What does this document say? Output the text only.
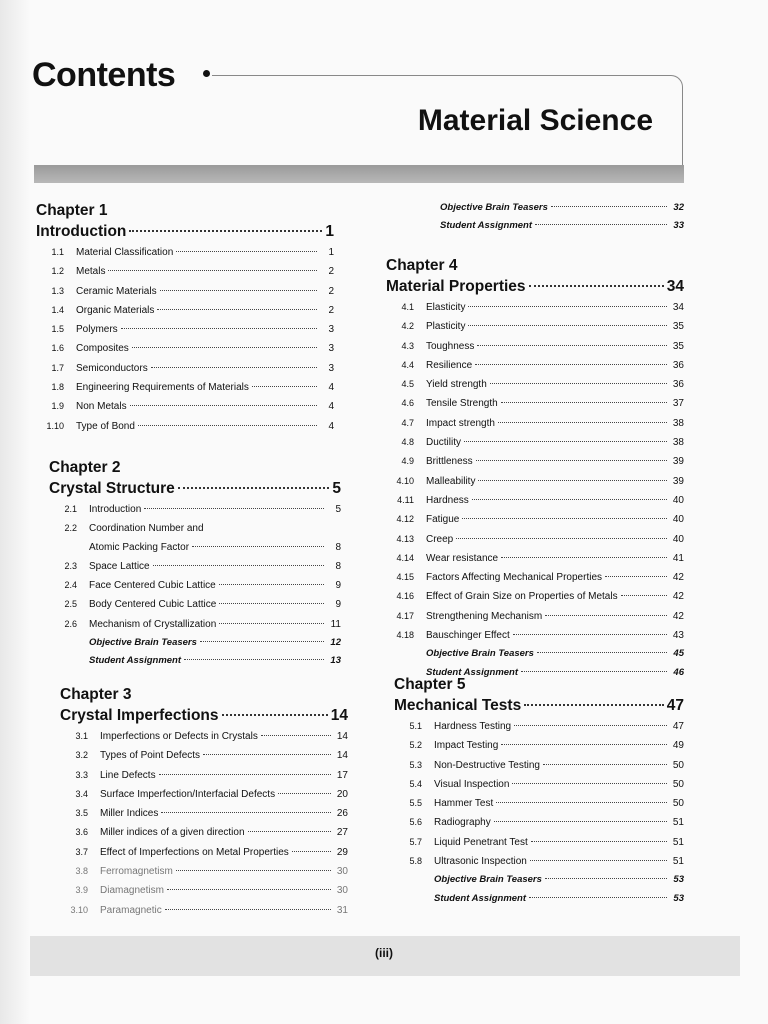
Contents
Material Science
Chapter 1
Introduction	1
1.1	Material Classification	1
1.2	Metals	2
1.3	Ceramic Materials	2
1.4	Organic Materials	2
1.5	Polymers	3
1.6	Composites	3
1.7	Semiconductors	3
1.8	Engineering Requirements of Materials	4
1.9	Non Metals	4
1.10	Type of Bond	4
Chapter 2
Crystal Structure	5
2.1	Introduction	5
2.2	Coordination Number and
Atomic Packing Factor	8
2.3	Space Lattice	8
2.4	Face Centered Cubic Lattice	9
2.5	Body Centered Cubic Lattice	9
2.6	Mechanism of Crystallization	11
Objective Brain Teasers	12
Student Assignment	13
Chapter 3
Crystal Imperfections	14
3.1	Imperfections or Defects in Crystals	14
3.2	Types of Point Defects	14
3.3	Line Defects	17
3.4	Surface Imperfection/Interfacial Defects	20
3.5	Miller Indices	26
3.6	Miller indices of a given direction	27
3.7	Effect of Imperfections on Metal Properties	29
3.8	Ferromagnetism	30
3.9	Diamagnetism	30
3.10	Paramagnetic	31
Objective Brain Teasers	32
Student Assignment	33
Chapter 4
Material Properties	34
4.1	Elasticity	34
4.2	Plasticity	35
4.3	Toughness	35
4.4	Resilience	36
4.5	Yield strength	36
4.6	Tensile Strength	37
4.7	Impact strength	38
4.8	Ductility	38
4.9	Brittleness	39
4.10	Malleability	39
4.11	Hardness	40
4.12	Fatigue	40
4.13	Creep	40
4.14	Wear resistance	41
4.15	Factors Affecting Mechanical Properties	42
4.16	Effect of Grain Size on Properties of Metals	42
4.17	Strengthening Mechanism	42
4.18	Bauschinger Effect	43
Objective Brain Teasers	45
Student Assignment	46
Chapter 5
Mechanical Tests	47
5.1	Hardness Testing	47
5.2	Impact Testing	49
5.3	Non-Destructive Testing	50
5.4	Visual Inspection	50
5.5	Hammer Test	50
5.6	Radiography	51
5.7	Liquid Penetrant Test	51
5.8	Ultrasonic Inspection	51
Objective Brain Teasers	53
Student Assignment	53
(iii)
